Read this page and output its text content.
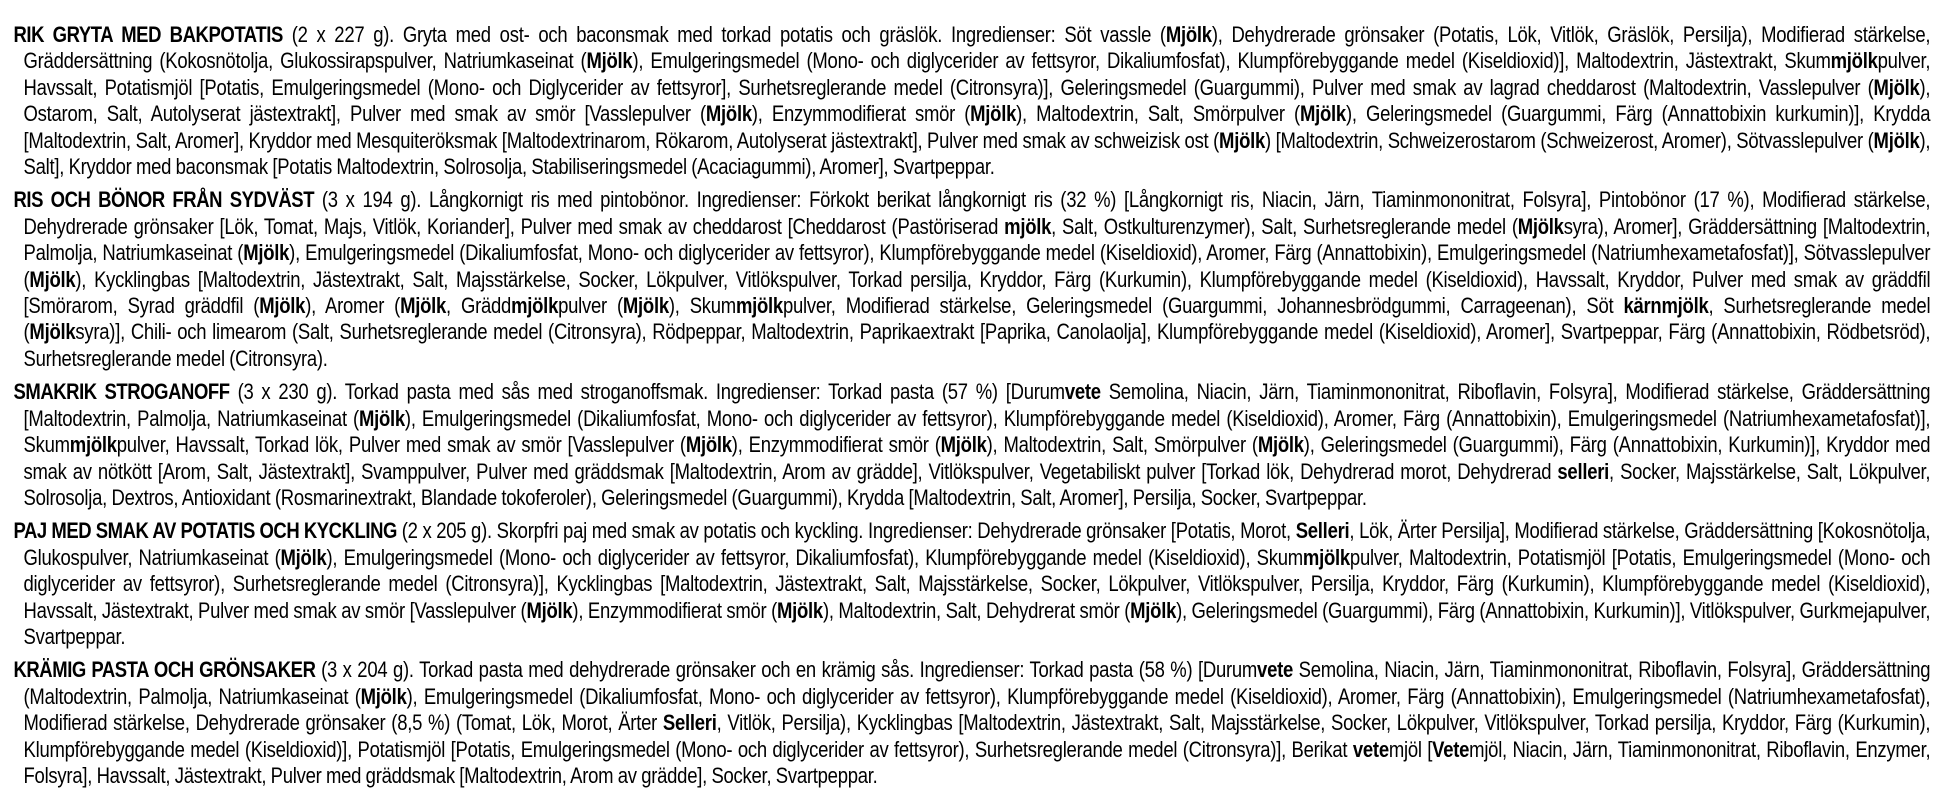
RIK GRYTA MED BAKPOTATIS (2 x 227 g). Gryta med ost- och baconsmak med torkad potatis och gräslök. Ingredienser: Söt vassle (Mjölk), Dehydrerade grönsaker (Potatis, Lök, Vitlök, Gräslök, Persilja), Modifierad stärkelse, Gräddersättning (Kokosnötolja, Glukossirapspulver, Natriumkaseinat (Mjölk), Emulgeringsmedel (Mono- och diglycerider av fettsyror, Dikaliumfosfat), Klumpförebyggande medel (Kiseldioxid)], Maltodextrin, Jästextrakt, Skummjölkpulver, Havssalt, Potatismjöl [Potatis, Emulgeringsmedel (Mono- och Diglycerider av fettsyror], Surhetsreglerande medel (Citronsyra)], Geleringsmedel (Guargummi), Pulver med smak av lagrad cheddarost (Maltodextrin, Vasslepulver (Mjölk), Ostarom, Salt, Autolyserat jästextrakt], Pulver med smak av smör [Vasslepulver (Mjölk), Enzymmodifierat smör (Mjölk), Maltodextrin, Salt, Smörpulver (Mjölk), Geleringsmedel (Guargummi, Färg (Annattobixin kurkumin)], Krydda [Maltodextrin, Salt, Aromer], Kryddor med Mesquiteröksmak [Maltodextrinarom, Rökarom, Autolyserat jästextrakt], Pulver med smak av schweizisk ost (Mjölk) [Maltodextrin, Schweizerostarom (Schweizerost, Aromer), Sötvasslepulver (Mjölk), Salt], Kryddor med baconsmak [Potatis Maltodextrin, Solrosolja, Stabiliseringsmedel (Acaciagummi), Aromer], Svartpeppar.

RIS OCH BÖNOR FRÅN SYDVÄST (3 x 194 g). Långkornigt ris med pintobönor. Ingredienser: Förkokt berikat långkornigt ris (32 %) [Långkornigt ris, Niacin, Järn, Tiaminmononitrat, Folsyra], Pintobönor (17 %), Modifierad stärkelse, Dehydrerade grönsaker [Lök, Tomat, Majs, Vitlök, Koriander], Pulver med smak av cheddarost [Cheddarost (Pastöriserad mjölk, Salt, Ostkulturenzymer), Salt, Surhetsreglerande medel (Mjölksyra), Aromer], Gräddersättning [Maltodextrin, Palmolja, Natriumkaseinat (Mjölk), Emulgeringsmedel (Dikaliumfosfat, Mono- och diglycerider av fettsyror), Klumpförebyggande medel (Kiseldioxid), Aromer, Färg (Annattobixin), Emulgeringsmedel (Natriumhexametafosfat)], Sötvasslepulver (Mjölk), Kycklingbas [Maltodextrin, Jästextrakt, Salt, Majsstärkelse, Socker, Lökpulver, Vitlökspulver, Torkad persilja, Kryddor, Färg (Kurkumin), Klumpförebyggande medel (Kiseldioxid), Havssalt, Kryddor, Pulver med smak av gräddfil [Smörarom, Syrad gräddfil (Mjölk), Aromer (Mjölk, Gräddmjölkpulver (Mjölk), Skummjölkpulver, Modifierad stärkelse, Geleringsmedel (Guargummi, Johannesbrödgummi, Carrageenan), Söt kärnmjölk, Surhetsreglerande medel (Mjölksyra)], Chili- och limearom (Salt, Surhetsreglerande medel (Citronsyra), Rödpeppar, Maltodextrin, Paprikaextrakt [Paprika, Canolaolja], Klumpförebyggande medel (Kiseldioxid), Aromer], Svartpeppar, Färg (Annattobixin, Rödbetsröd), Surhetsreglerande medel (Citronsyra).

SMAKRIK STROGANOFF (3 x 230 g). Torkad pasta med sås med stroganoffsmak. Ingredienser: Torkad pasta (57 %) [Durumvete Semolina, Niacin, Järn, Tiaminmononitrat, Riboflavin, Folsyra], Modifierad stärkelse, Gräddersättning [Maltodextrin, Palmolja, Natriumkaseinat (Mjölk), Emulgeringsmedel (Dikaliumfosfat, Mono- och diglycerider av fettsyror), Klumpförebyggande medel (Kiseldioxid), Aromer, Färg (Annattobixin), Emulgeringsmedel (Natriumhexametafosfat)], Skummjölkpulver, Havssalt, Torkad lök, Pulver med smak av smör [Vasslepulver (Mjölk), Enzymmodifierat smör (Mjölk), Maltodextrin, Salt, Smörpulver (Mjölk), Geleringsmedel (Guargummi), Färg (Annattobixin, Kurkumin)], Kryddor med smak av nötkött [Arom, Salt, Jästextrakt], Svamppulver, Pulver med gräddsmak [Maltodextrin, Arom av grädde], Vitlökspulver, Vegetabiliskt pulver [Torkad lök, Dehydrerad morot, Dehydrerad selleri, Socker, Majsstärkelse, Salt, Lökpulver, Solrosolja, Dextros, Antioxidant (Rosmarinextrakt, Blandade tokoferoler), Geleringsmedel (Guargummi), Krydda [Maltodextrin, Salt, Aromer], Persilja, Socker, Svartpeppar.

PAJ MED SMAK AV POTATIS OCH KYCKLING (2 x 205 g). Skorpfri paj med smak av potatis och kyckling. Ingredienser: Dehydrerade grönsaker [Potatis, Morot, Selleri, Lök, Ärter Persilja], Modifierad stärkelse, Gräddersättning [Kokosnötolja, Glukospulver, Natriumkaseinat (Mjölk), Emulgeringsmedel (Mono- och diglycerider av fettsyror, Dikaliumfosfat), Klumpförebyggande medel (Kiseldioxid), Skummjölkpulver, Maltodextrin, Potatismjöl [Potatis, Emulgeringsmedel (Mono- och diglycerider av fettsyror), Surhetsreglerande medel (Citronsyra)], Kycklingbas [Maltodextrin, Jästextrakt, Salt, Majsstärkelse, Socker, Lökpulver, Vitlökspulver, Persilja, Kryddor, Färg (Kurkumin), Klumpförebyggande medel (Kiseldioxid), Havssalt, Jästextrakt, Pulver med smak av smör [Vasslepulver (Mjölk), Enzymmodifierat smör (Mjölk), Maltodextrin, Salt, Dehydrerat smör (Mjölk), Geleringsmedel (Guargummi), Färg (Annattobixin, Kurkumin)], Vitlökspulver, Gurkmejapulver, Svartpeppar.

KRÄMIG PASTA OCH GRÖNSAKER (3 x 204 g). Torkad pasta med dehydrerade grönsaker och en krämig sås. Ingredienser: Torkad pasta (58 %) [Durumvete Semolina, Niacin, Järn, Tiaminmononitrat, Riboflavin, Folsyra], Gräddersättning (Maltodextrin, Palmolja, Natriumkaseinat (Mjölk), Emulgeringsmedel (Dikaliumfosfat, Mono- och diglycerider av fettsyror), Klumpförebyggande medel (Kiseldioxid), Aromer, Färg (Annattobixin), Emulgeringsmedel (Natriumhexametafosfat), Modifierad stärkelse, Dehydrerade grönsaker (8,5 %) (Tomat, Lök, Morot, Ärter Selleri, Vitlök, Persilja), Kycklingbas [Maltodextrin, Jästextrakt, Salt, Majsstärkelse, Socker, Lökpulver, Vitlökspulver, Torkad persilja, Kryddor, Färg (Kurkumin), Klumpförebyggande medel (Kiseldioxid)], Potatismjöl [Potatis, Emulgeringsmedel (Mono- och diglycerider av fettsyror), Surhetsreglerande medel (Citronsyra)], Berikat vetemjöl [Vetemjöl, Niacin, Järn, Tiaminmononitrat, Riboflavin, Enzymer, Folsyra], Havssalt, Jästextrakt, Pulver med gräddsmak [Maltodextrin, Arom av grädde], Socker, Svartpeppar.
